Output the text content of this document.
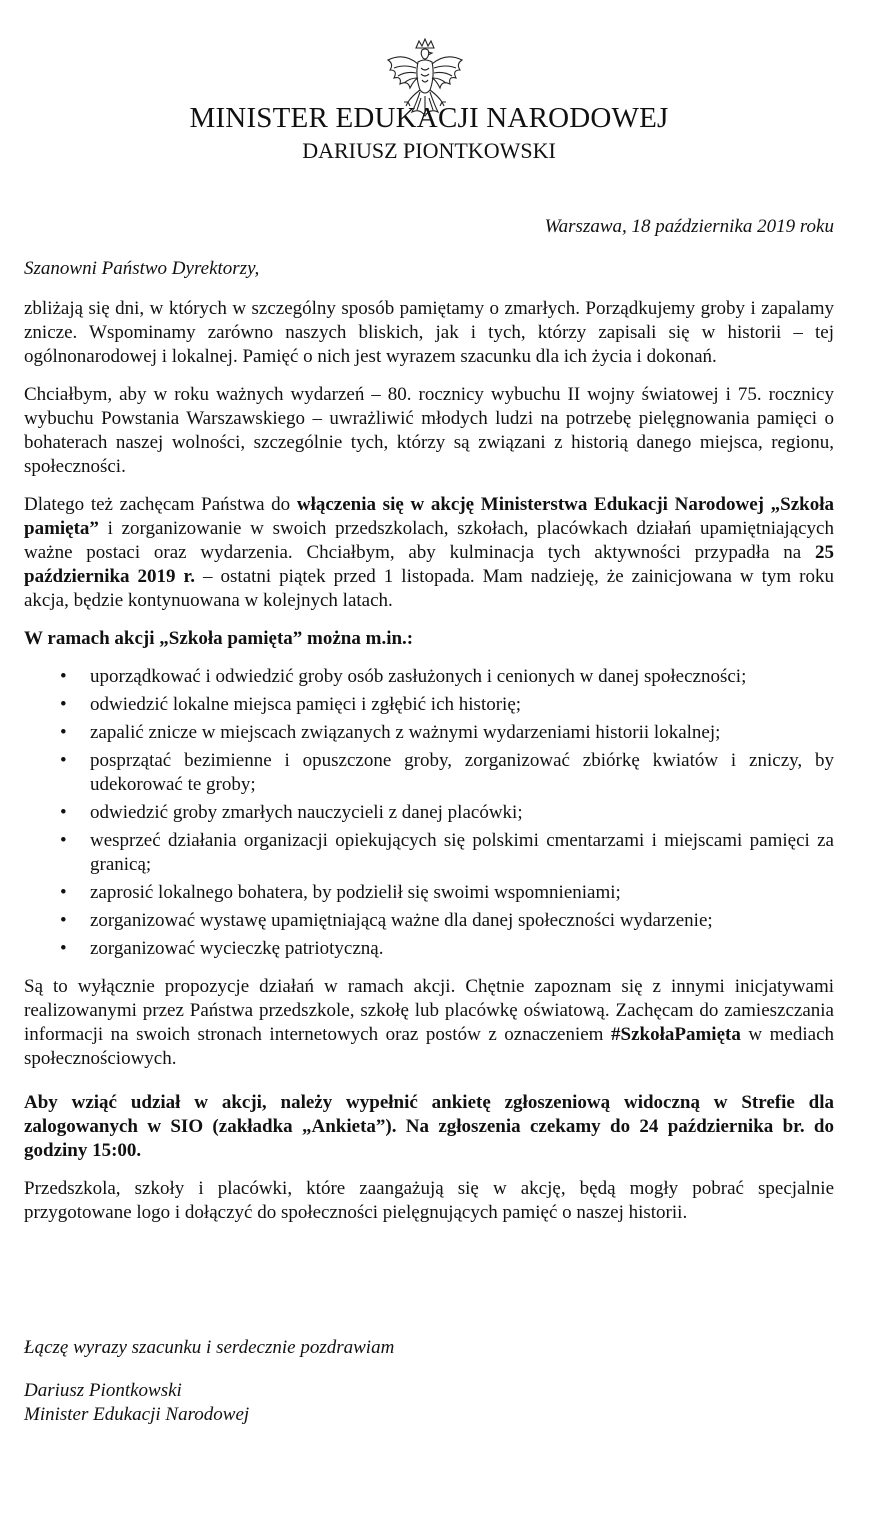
MINISTER EDUKACJI NARODOWEJ
DARIUSZ PIONTKOWSKI
Warszawa, 18 października 2019 roku
Szanowni Państwo Dyrektorzy,

zbliżają się dni, w których w szczególny sposób pamiętamy o zmarłych. Porządkujemy groby i zapalamy znicze. Wspominamy zarówno naszych bliskich, jak i tych, którzy zapisali się w historii – tej ogólnonarodowej i lokalnej. Pamięć o nich jest wyrazem szacunku dla ich życia i dokonań.

Chciałbym, aby w roku ważnych wydarzeń – 80. rocznicy wybuchu II wojny światowej i 75. rocznicy wybuchu Powstania Warszawskiego – uwrażliwić młodych ludzi na potrzebę pielęgnowania pamięci o bohaterach naszej wolności, szczególnie tych, którzy są związani z historią danego miejsca, regionu, społeczności.

Dlatego też zachęcam Państwa do włączenia się w akcję Ministerstwa Edukacji Narodowej „Szkoła pamięta” i zorganizowanie w swoich przedszkolach, szkołach, placówkach działań upamiętniających ważne postaci oraz wydarzenia. Chciałbym, aby kulminacja tych aktywności przypadła na 25 października 2019 r. – ostatni piątek przed 1 listopada. Mam nadzieję, że zainicjowana w tym roku akcja, będzie kontynuowana w kolejnych latach.

W ramach akcji „Szkoła pamięta” można m.in.:

• uporządkować i odwiedzić groby osób zasłużonych i cenionych w danej społeczności;
• odwiedzić lokalne miejsca pamięci i zgłębić ich historię;
• zapalić znicze w miejscach związanych z ważnymi wydarzeniami historii lokalnej;
• posprzątać bezimienne i opuszczone groby, zorganizować zbiórkę kwiatów i zniczy, by udekorować te groby;
• odwiedzić groby zmarłych nauczycieli z danej placówki;
• wesprzeć działania organizacji opiekujących się polskimi cmentarzami i miejscami pamięci za granicą;
• zaprosić lokalnego bohatera, by podzielił się swoimi wspomnieniami;
• zorganizować wystawę upamiętniającą ważne dla danej społeczności wydarzenie;
• zorganizować wycieczkę patriotyczną.

Są to wyłącznie propozycje działań w ramach akcji. Chętnie zapoznam się z innymi inicjatywami realizowanymi przez Państwa przedszkole, szkołę lub placówkę oświatową. Zachęcam do zamieszczania informacji na swoich stronach internetowych oraz postów z oznaczeniem #SzkołaPamięta w mediach społecznościowych.

Aby wziąć udział w akcji, należy wypełnić ankietę zgłoszeniową widoczną w Strefie dla zalogowanych w SIO (zakładka „Ankieta”). Na zgłoszenia czekamy do 24 października br. do godziny 15:00.

Przedszkola, szkoły i placówki, które zaangażują się w akcję, będą mogły pobrać specjalnie przygotowane logo i dołączyć do społeczności pielęgnujących pamięć o naszej historii.

Łączę wyrazy szacunku i serdecznie pozdrawiam
Dariusz Piontkowski
Minister Edukacji Narodowej
